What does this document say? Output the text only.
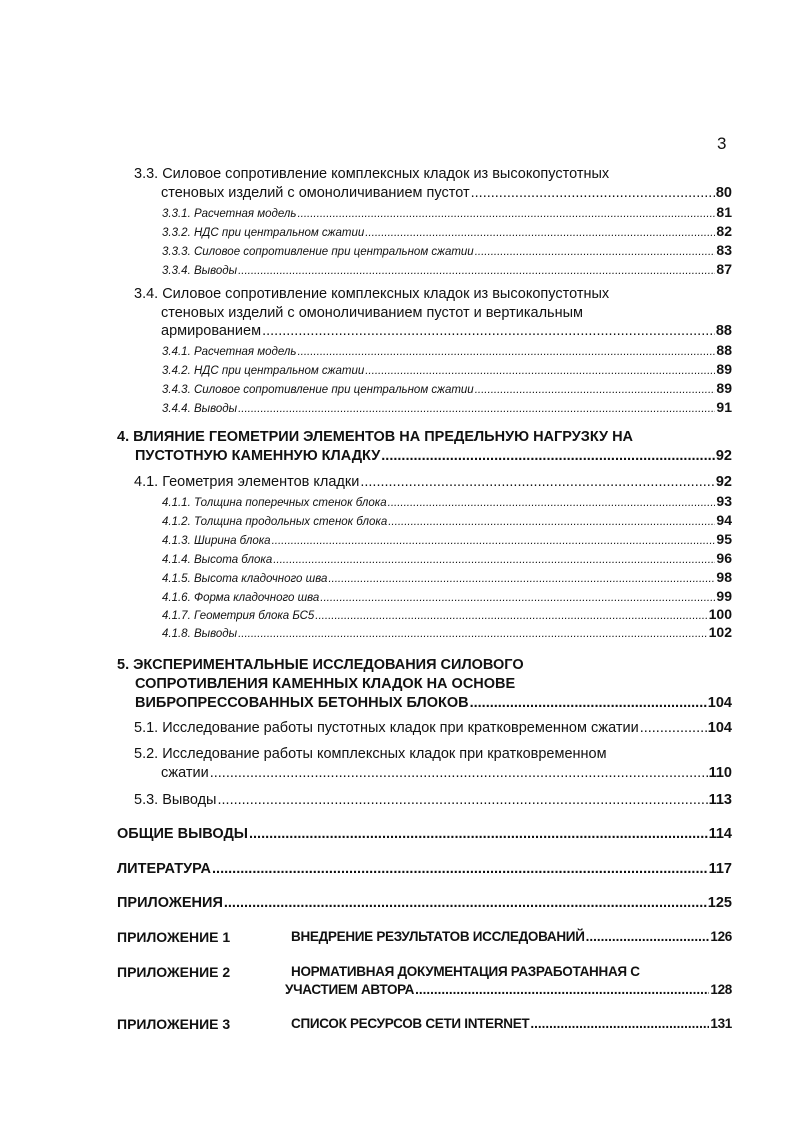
3
3.3. Силовое сопротивление комплексных кладок из высокопустотных
стеновых изделий с омоноличиванием пустот .....	80
3.3.1. Расчетная модель .....	81
3.3.2. НДС при центральном сжатии .....	82
3.3.3. Силовое сопротивление при центральном сжатии .....	83
3.3.4. Выводы .....	87
3.4. Силовое сопротивление комплексных кладок из высокопустотных
стеновых изделий с омоноличиванием пустот и вертикальным
армированием .....	88
3.4.1. Расчетная модель .....	88
3.4.2. НДС при центральном сжатии .....	89
3.4.3. Силовое сопротивление при центральном сжатии .....	89
3.4.4. Выводы .....	91
4. ВЛИЯНИЕ ГЕОМЕТРИИ ЭЛЕМЕНТОВ НА ПРЕДЕЛЬНУЮ НАГРУЗКУ НА
ПУСТОТНУЮ КАМЕННУЮ КЛАДКУ .....	92
4.1. Геометрия элементов кладки .....	92
4.1.1. Толщина поперечных стенок блока .....	93
4.1.2. Толщина продольных стенок блока .....	94
4.1.3. Ширина блока .....	95
4.1.4. Высота блока .....	96
4.1.5. Высота кладочного шва .....	98
4.1.6. Форма кладочного шва .....	99
4.1.7. Геометрия блока БС5 .....	100
4.1.8. Выводы .....	102
5. ЭКСПЕРИМЕНТАЛЬНЫЕ ИССЛЕДОВАНИЯ СИЛОВОГО
СОПРОТИВЛЕНИЯ КАМЕННЫХ КЛАДОК НА ОСНОВЕ
ВИБРОПРЕССОВАННЫХ БЕТОННЫХ БЛОКОВ .....	104
5.1. Исследование работы пустотных кладок при кратковременном сжатии .....	104
5.2. Исследование работы комплексных кладок при кратковременном
сжатии .....	110
5.3. Выводы .....	113
ОБЩИЕ ВЫВОДЫ .....	114
ЛИТЕРАТУРА .....	117
ПРИЛОЖЕНИЯ .....	125
ПРИЛОЖЕНИЕ 1	ВНЕДРЕНИЕ РЕЗУЛЬТАТОВ ИССЛЕДОВАНИЙ .....	126
ПРИЛОЖЕНИЕ 2	НОРМАТИВНАЯ ДОКУМЕНТАЦИЯ РАЗРАБОТАННАЯ С
УЧАСТИЕМ АВТОРА .....	128
ПРИЛОЖЕНИЕ 3	СПИСОК РЕСУРСОВ СЕТИ INTERNET .....	131
